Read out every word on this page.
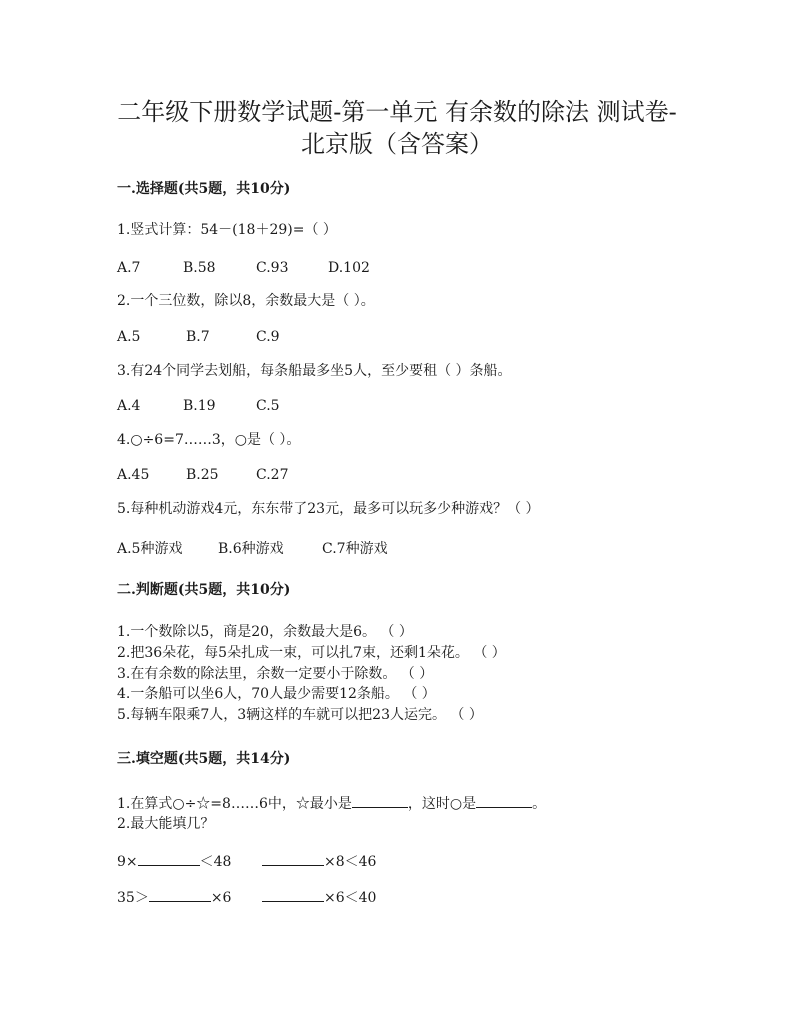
二年级下册数学试题-第一单元 有余数的除法 测试卷-
北京版（含答案）
一.选择题(共5题，共10分)
1.竖式计算：54－(18＋29)=（ ）
A.7	B.58	C.93	D.102
2.一个三位数，除以8，余数最大是（ ）。
A.5	B.7	C.9
3.有24个同学去划船，每条船最多坐5人，至少要租（ ）条船。
A.4	B.19	C.5
4.○÷6=7……3，○是（ ）。
A.45	B.25	C.27
5.每种机动游戏4元，东东带了23元，最多可以玩多少种游戏？（ ）
A.5种游戏	B.6种游戏	C.7种游戏
二.判断题(共5题，共10分)
1.一个数除以5，商是20，余数最大是6。 （ ）
2.把36朵花，每5朵扎成一束，可以扎7束，还剩1朵花。 （ ）
3.在有余数的除法里，余数一定要小于除数。 （ ）
4.一条船可以坐6人，70人最少需要12条船。 （ ）
5.每辆车限乘7人，3辆这样的车就可以把23人运完。 （ ）
三.填空题(共5题，共14分)
1.在算式○÷☆=8……6中，☆最小是	，这时○是	。
2.最大能填几？
9×	＜48	×8＜46
35＞	×6	×6＜40
